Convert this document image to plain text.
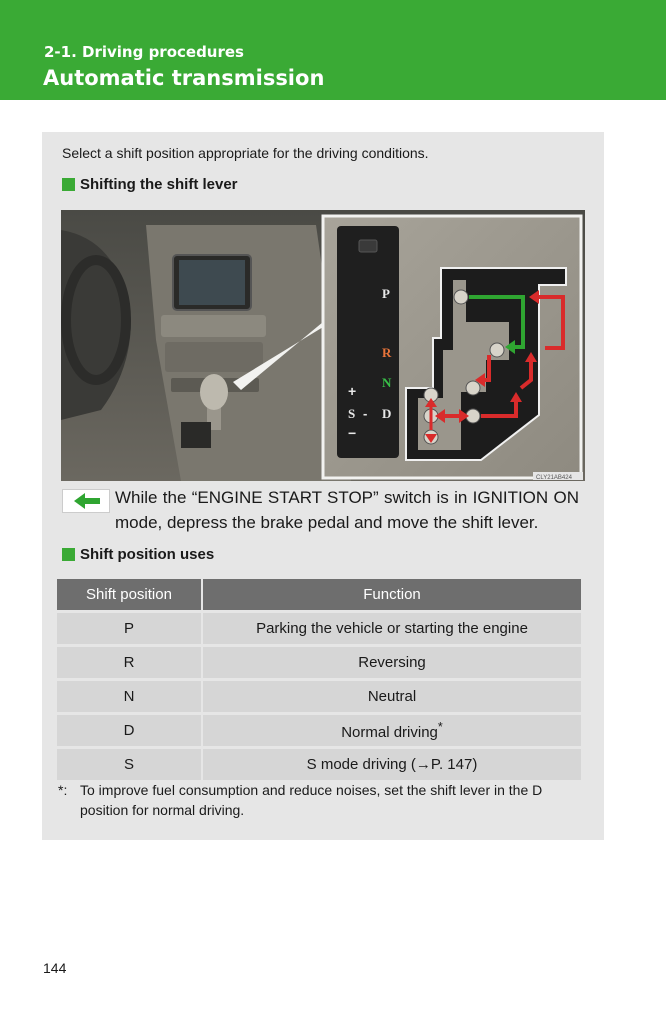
2-1. Driving procedures
Automatic transmission
Select a shift position appropriate for the driving conditions.
Shifting the shift lever
P
R
N
D
+
S -
−
CLY21AB424
While the “ENGINE START STOP” switch is in IGNITION ON mode, depress the brake pedal and move the shift lever.
Shift position uses
Shift position	Function
P	Parking the vehicle or starting the engine
R	Reversing
N	Neutral
D	Normal driving*
S	S mode driving (→P. 147)
*: To improve fuel consumption and reduce noises, set the shift lever in the D position for normal driving.
144
